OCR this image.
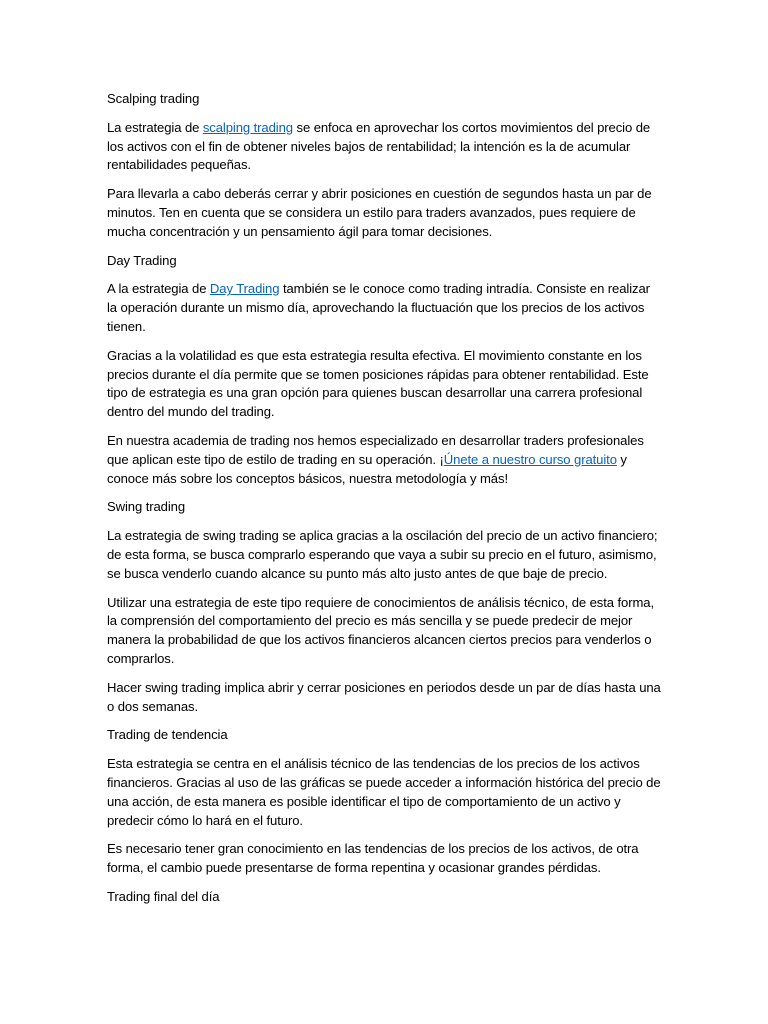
Scalping trading

La estrategia de scalping trading se enfoca en aprovechar los cortos movimientos del precio de los activos con el fin de obtener niveles bajos de rentabilidad; la intención es la de acumular rentabilidades pequeñas.

Para llevarla a cabo deberás cerrar y abrir posiciones en cuestión de segundos hasta un par de minutos. Ten en cuenta que se considera un estilo para traders avanzados, pues requiere de mucha concentración y un pensamiento ágil para tomar decisiones.

Day Trading

A la estrategia de Day Trading también se le conoce como trading intradía. Consiste en realizar la operación durante un mismo día, aprovechando la fluctuación que los precios de los activos tienen.

Gracias a la volatilidad es que esta estrategia resulta efectiva. El movimiento constante en los precios durante el día permite que se tomen posiciones rápidas para obtener rentabilidad. Este tipo de estrategia es una gran opción para quienes buscan desarrollar una carrera profesional dentro del mundo del trading.

En nuestra academia de trading nos hemos especializado en desarrollar traders profesionales que aplican este tipo de estilo de trading en su operación. ¡Únete a nuestro curso gratuito y conoce más sobre los conceptos básicos, nuestra metodología y más!

Swing trading

La estrategia de swing trading se aplica gracias a la oscilación del precio de un activo financiero; de esta forma, se busca comprarlo esperando que vaya a subir su precio en el futuro, asimismo, se busca venderlo cuando alcance su punto más alto justo antes de que baje de precio.

Utilizar una estrategia de este tipo requiere de conocimientos de análisis técnico, de esta forma, la comprensión del comportamiento del precio es más sencilla y se puede predecir de mejor manera la probabilidad de que los activos financieros alcancen ciertos precios para venderlos o comprarlos.

Hacer swing trading implica abrir y cerrar posiciones en periodos desde un par de días hasta una o dos semanas.

Trading de tendencia

Esta estrategia se centra en el análisis técnico de las tendencias de los precios de los activos financieros. Gracias al uso de las gráficas se puede acceder a información histórica del precio de una acción, de esta manera es posible identificar el tipo de comportamiento de un activo y predecir cómo lo hará en el futuro.

Es necesario tener gran conocimiento en las tendencias de los precios de los activos, de otra forma, el cambio puede presentarse de forma repentina y ocasionar grandes pérdidas.

Trading final del día
